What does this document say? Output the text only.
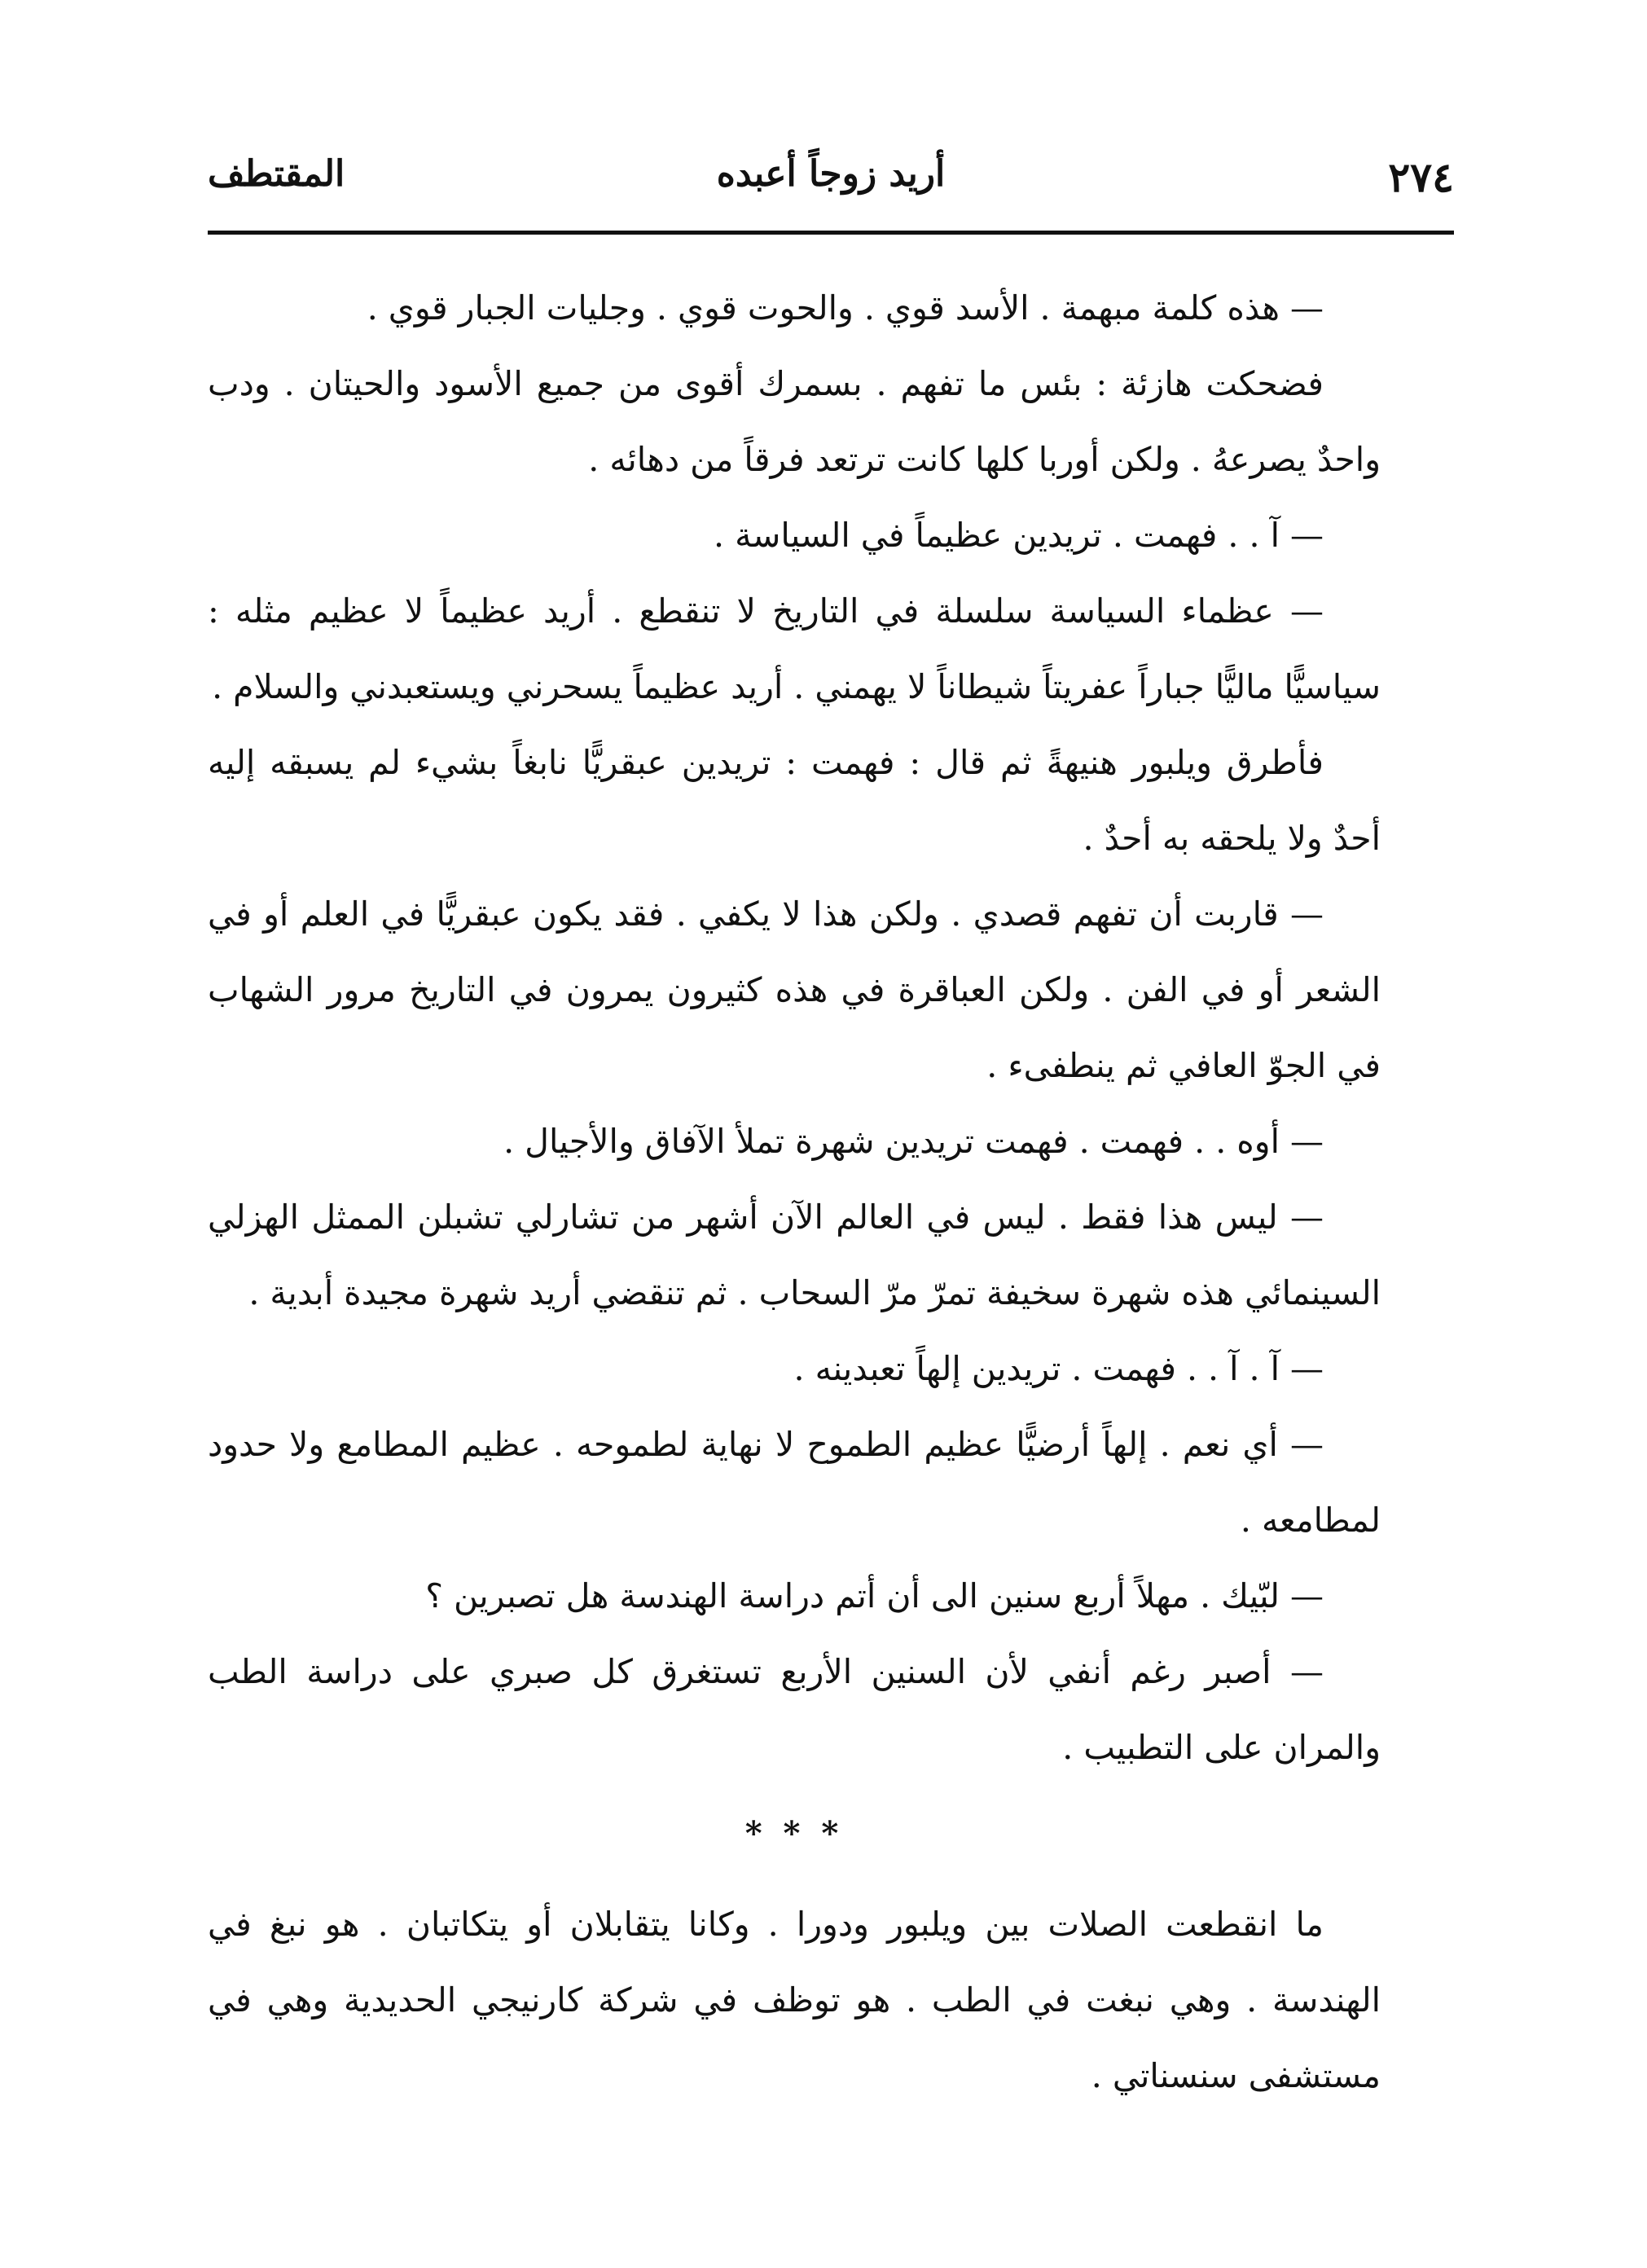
٢٧٤
أريد زوجاً أعبده
المقتطف

— هذه كلمة مبهمة . الأسد قوي . والحوت قوي . وجليات الجبار قوي .

فضحكت هازئة : بئس ما تفهم . بسمرك أقوى من جميع الأسود والحيتان . ودب واحدٌ يصرعهُ . ولكن أوربا كلها كانت ترتعد فرقاً من دهائه .

— آ . . فهمت . تريدين عظيماً في السياسة .

— عظماء السياسة سلسلة في التاريخ لا تنقطع . أريد عظيماً لا عظيم مثله : سياسيًّا ماليًّا جباراً عفريتاً شيطاناً لا يهمني . أريد عظيماً يسحرني ويستعبدني والسلام .

فأطرق ويلبور هنيهةً ثم قال : فهمت : تريدين عبقريًّا نابغاً بشيء لم يسبقه إليه أحدٌ ولا يلحقه به أحدٌ .

— قاربت أن تفهم قصدي . ولكن هذا لا يكفي . فقد يكون عبقريًّا في العلم أو في الشعر أو في الفن . ولكن العباقرة في هذه كثيرون يمرون في التاريخ مرور الشهاب في الجوّ العافي ثم ينطفىء .

— أوه . . فهمت . فهمت تريدين شهرة تملأ الآفاق والأجيال .

— ليس هذا فقط . ليس في العالم الآن أشهر من تشارلي تشبلن الممثل الهزلي السينمائي هذه شهرة سخيفة تمرّ مرّ السحاب . ثم تنقضي أريد شهرة مجيدة أبدية .

— آ . آ . . فهمت . تريدين إلهاً تعبدينه .

— أي نعم . إلهاً أرضيًّا عظيم الطموح لا نهاية لطموحه . عظيم المطامع ولا حدود لمطامعه .

— لبّيك . مهلاً أربع سنين الى أن أتم دراسة الهندسة هل تصبرين ؟

— أصبر رغم أنفي لأن السنين الأربع تستغرق كل صبري على دراسة الطب والمران على التطبيب .

* * *

ما انقطعت الصلات بين ويلبور ودورا . وكانا يتقابلان أو يتكاتبان . هو نبغ في الهندسة . وهي نبغت في الطب . هو توظف في شركة كارنيجي الحديدية وهي في مستشفى سنسناتي .
